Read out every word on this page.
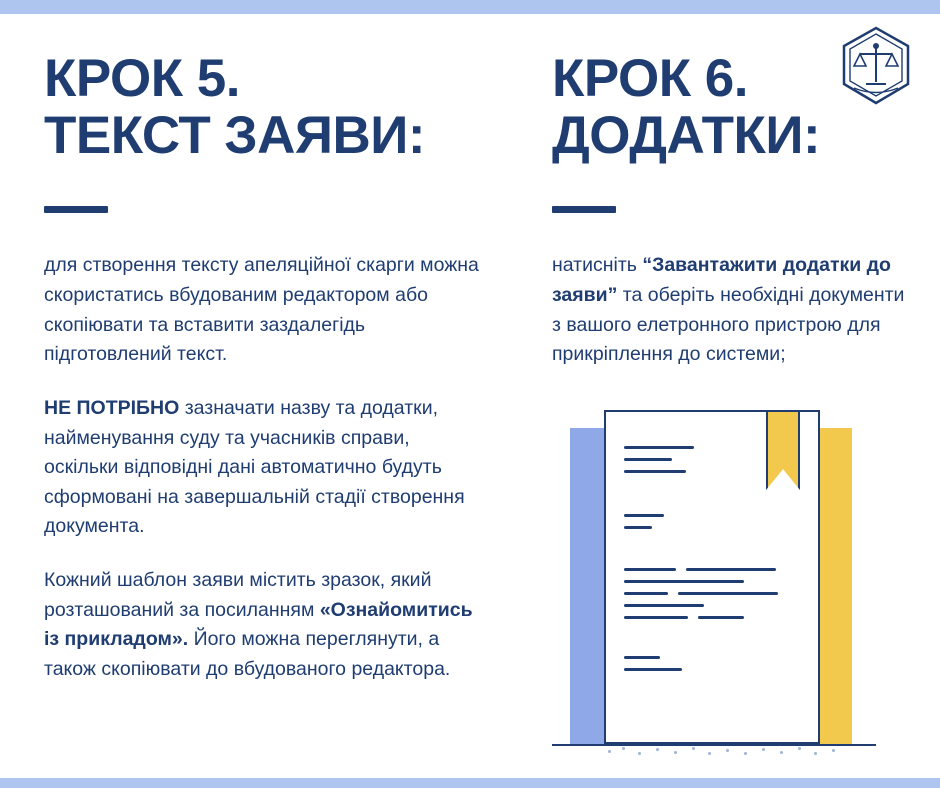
КРОК 5.
ТЕКСТ ЗАЯВИ:

для створення тексту апеляційної скарги можна скористатись вбудованим редактором або скопіювати та вставити заздалегідь підготовлений текст.

НЕ ПОТРІБНО зазначати назву та додатки, найменування суду та учасників справи, оскільки відповідні дані автоматично будуть сформовані на завершальній стадії створення документа.

Кожний шаблон заяви містить зразок, який розташований за посиланням «Ознайомитись із прикладом». Його можна переглянути, а також скопіювати до вбудованого редактора.

КРОК 6.
ДОДАТКИ:

натисніть “Завантажити додатки до заяви” та оберіть необхідні документи з вашого елетронного пристрою для прикріплення до системи;
